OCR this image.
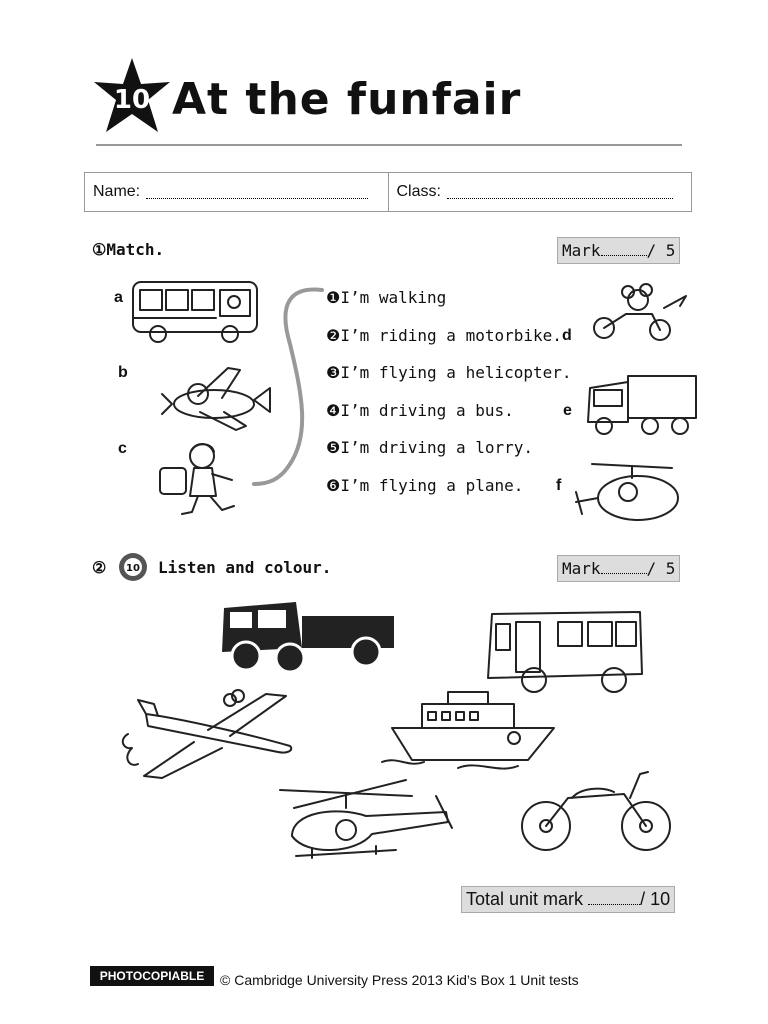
10 At the funfair
Name:	Class:
①Match.	Mark	/ 5
❶I’m walking
❷I’m riding a motorbike.
❸I’m flying a helicopter.
❹I’m driving a bus.
❺I’m driving a lorry.
❻I’m flying a plane.
a
b
c
d
e
f
② 10 Listen and colour.	Mark	/ 5
Total unit mark	/ 10
PHOTOCOPIABLE	© Cambridge University Press 2013 Kid’s Box 1 Unit tests
